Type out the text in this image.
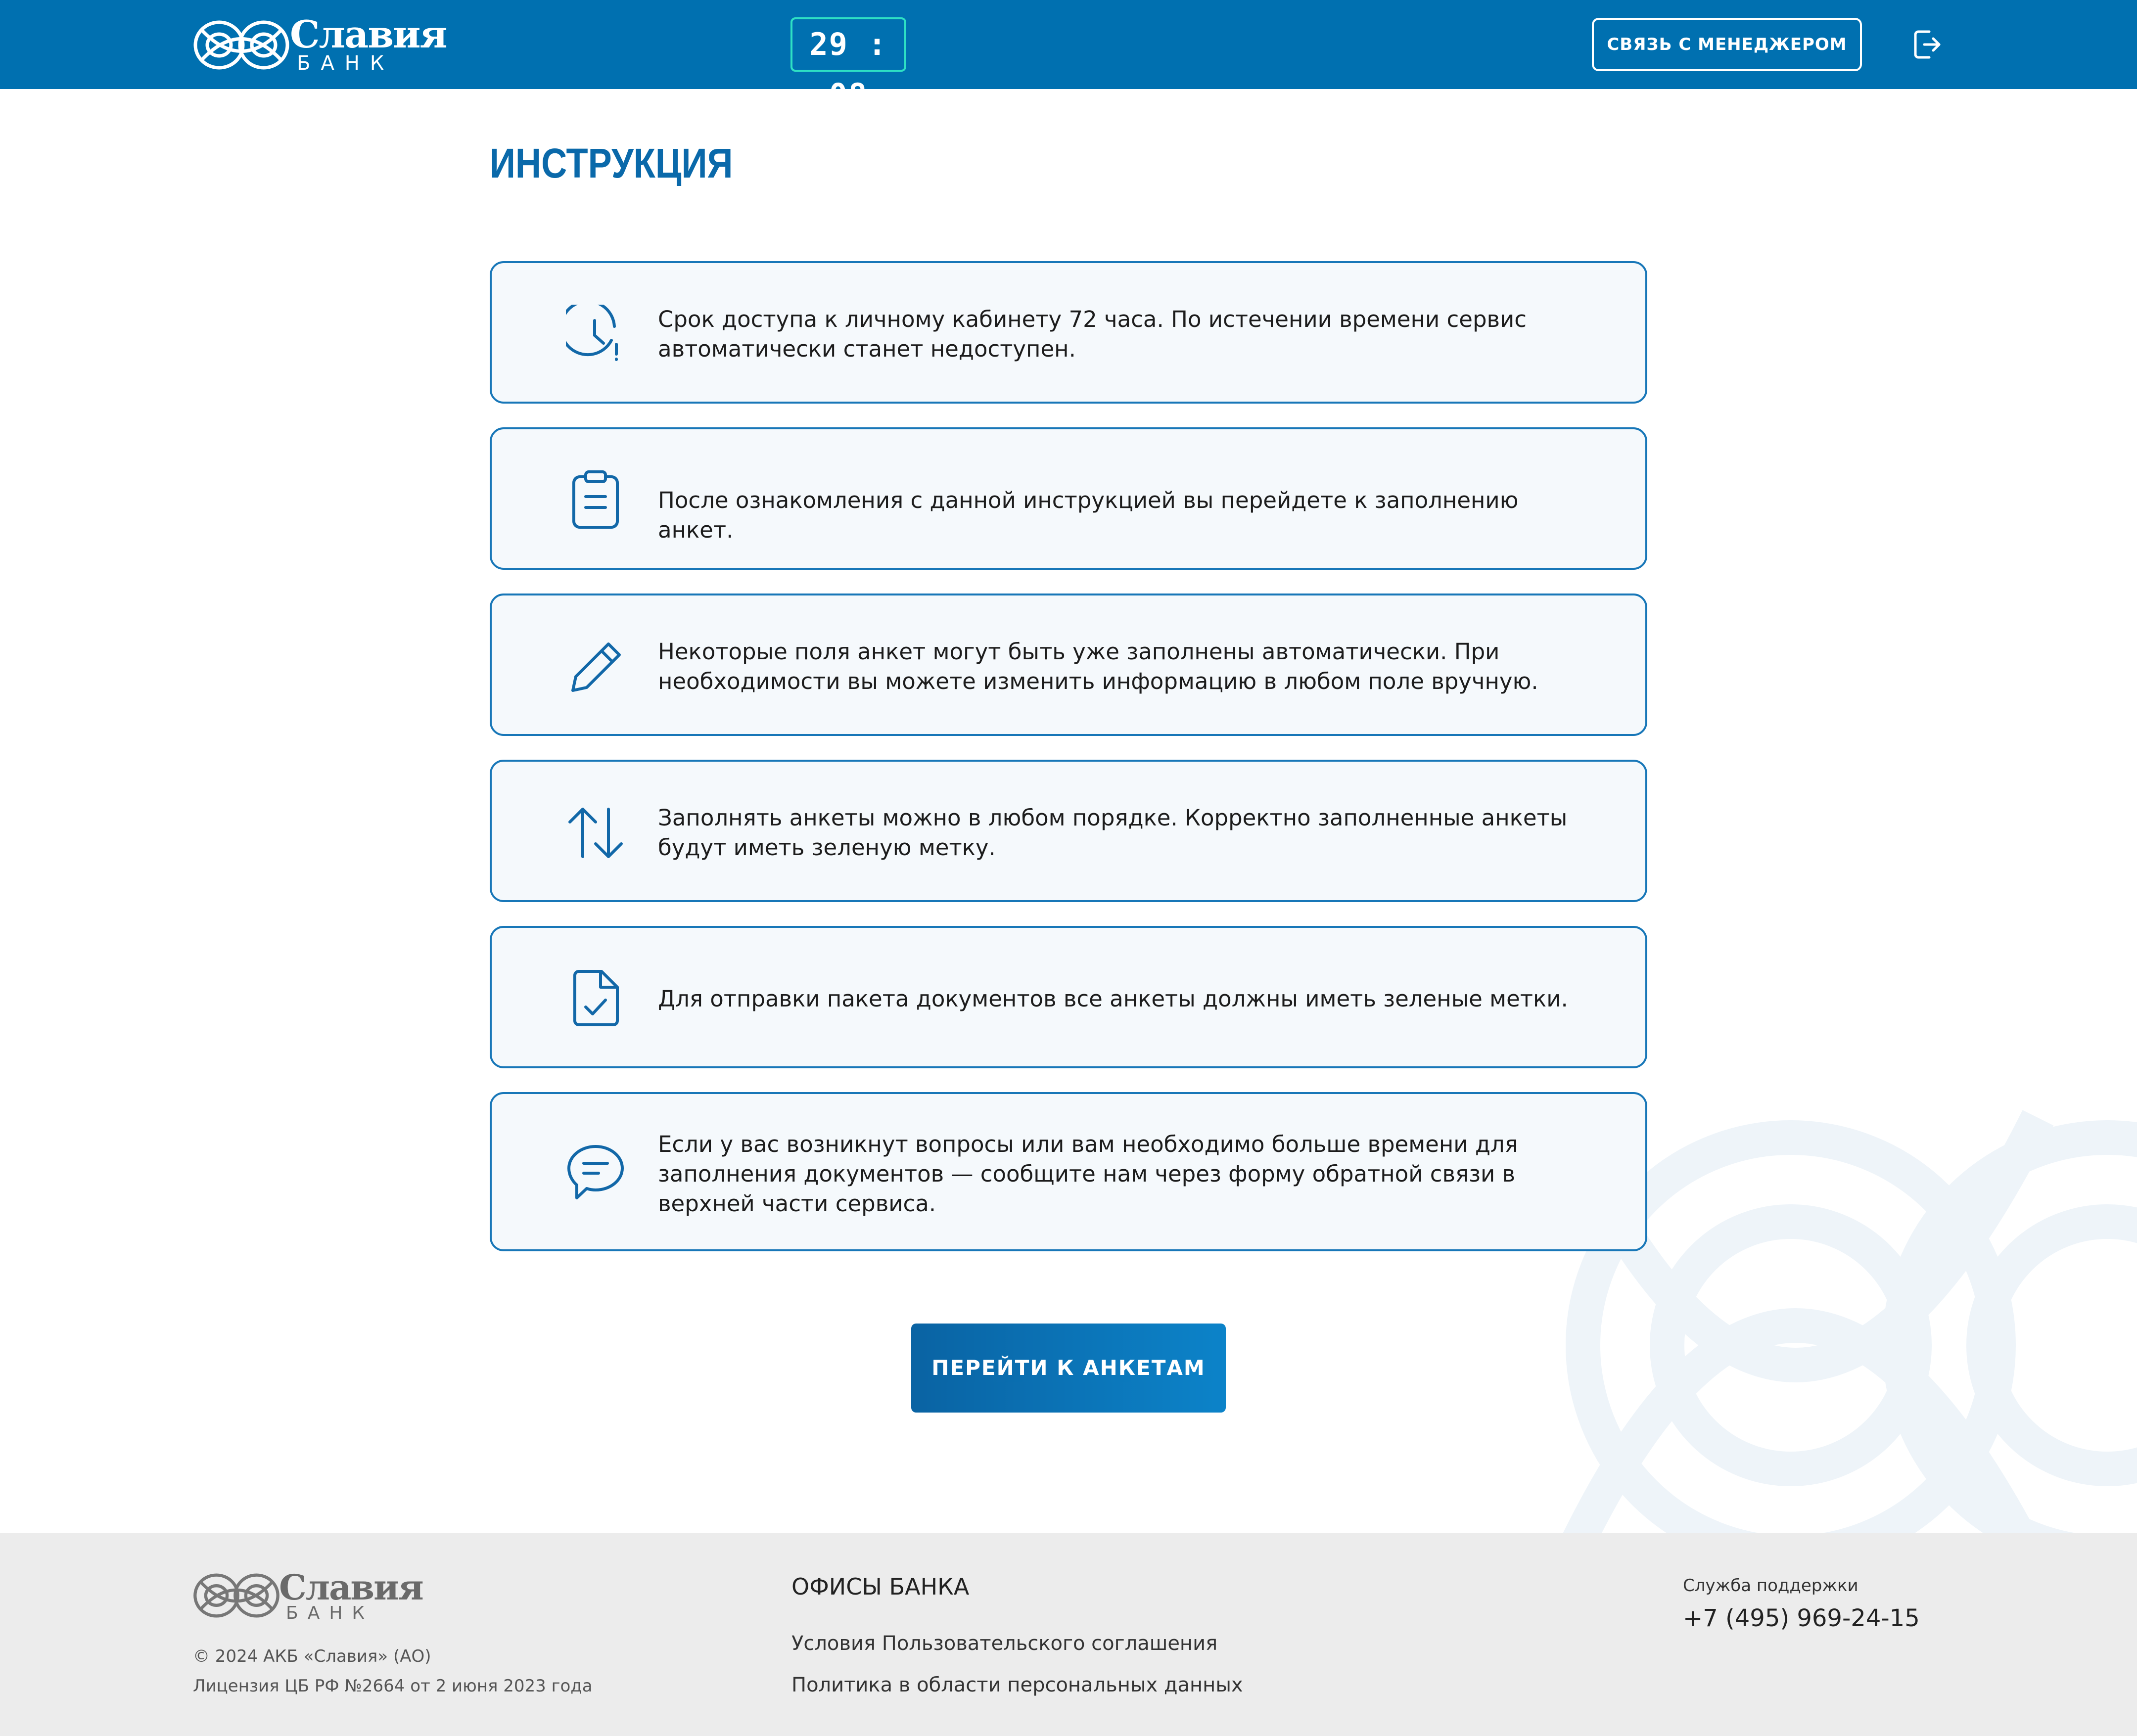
Славия
БАНК
29 : 08
СВЯЗЬ С МЕНЕДЖЕРОМ
ИНСТРУКЦИЯ
Срок доступа к личному кабинету 72 часа. По истечении времени сервис автоматически станет недоступен.
После ознакомления с данной инструкцией вы перейдете к заполнению анкет.
Некоторые поля анкет могут быть уже заполнены автоматически. При необходимости вы можете изменить информацию в любом поле вручную.
Заполнять анкеты можно в любом порядке. Корректно заполненные анкеты будут иметь зеленую метку.
Для отправки пакета документов все анкеты должны иметь зеленые метки.
Если у вас возникнут вопросы или вам необходимо больше времени для заполнения документов — сообщите нам через форму обратной связи в верхней части сервиса.
ПЕРЕЙТИ К АНКЕТАМ
Славия
БАНК
© 2024 АКБ «Славия» (АО)
Лицензия ЦБ РФ №2664 от 2 июня 2023 года
ОФИСЫ БАНКА
Условия Пользовательского соглашения
Политика в области персональных данных
Служба поддержки
+7 (495) 969-24-15
